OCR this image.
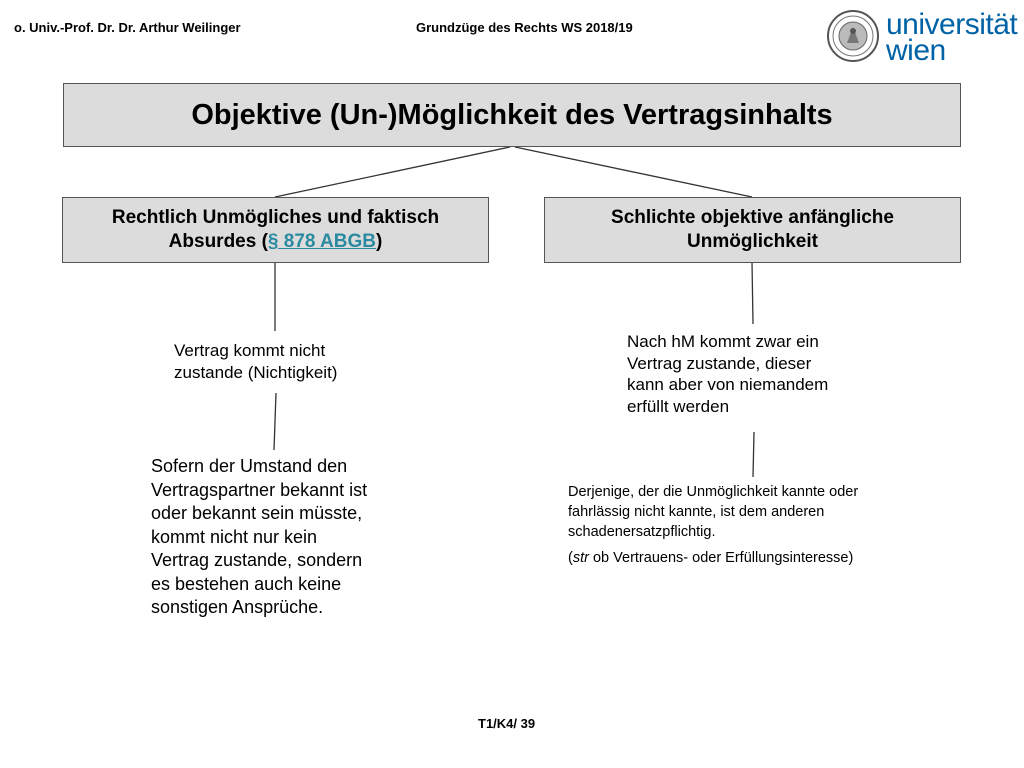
o. Univ.-Prof. Dr. Dr. Arthur Weilinger	Grundzüge des Rechts WS 2018/19	universität
wien
Objektive (Un-)Möglichkeit des Vertragsinhalts
Rechtlich Unmögliches und faktisch
Absurdes (§ 878 ABGB)
Schlichte objektive anfängliche
Unmöglichkeit
Vertrag kommt nicht
zustande (Nichtigkeit)
Sofern der Umstand den
Vertragspartner bekannt ist
oder bekannt sein müsste,
kommt nicht nur kein
Vertrag zustande, sondern
es bestehen auch keine
sonstigen Ansprüche.
Nach hM kommt zwar ein
Vertrag zustande, dieser
kann aber von niemandem
erfüllt werden
Derjenige, der die Unmöglichkeit kannte oder
fahrlässig nicht kannte, ist dem anderen
schadenersatzpflichtig.
(str ob Vertrauens- oder Erfüllungsinteresse)
T1/K4/ 39
